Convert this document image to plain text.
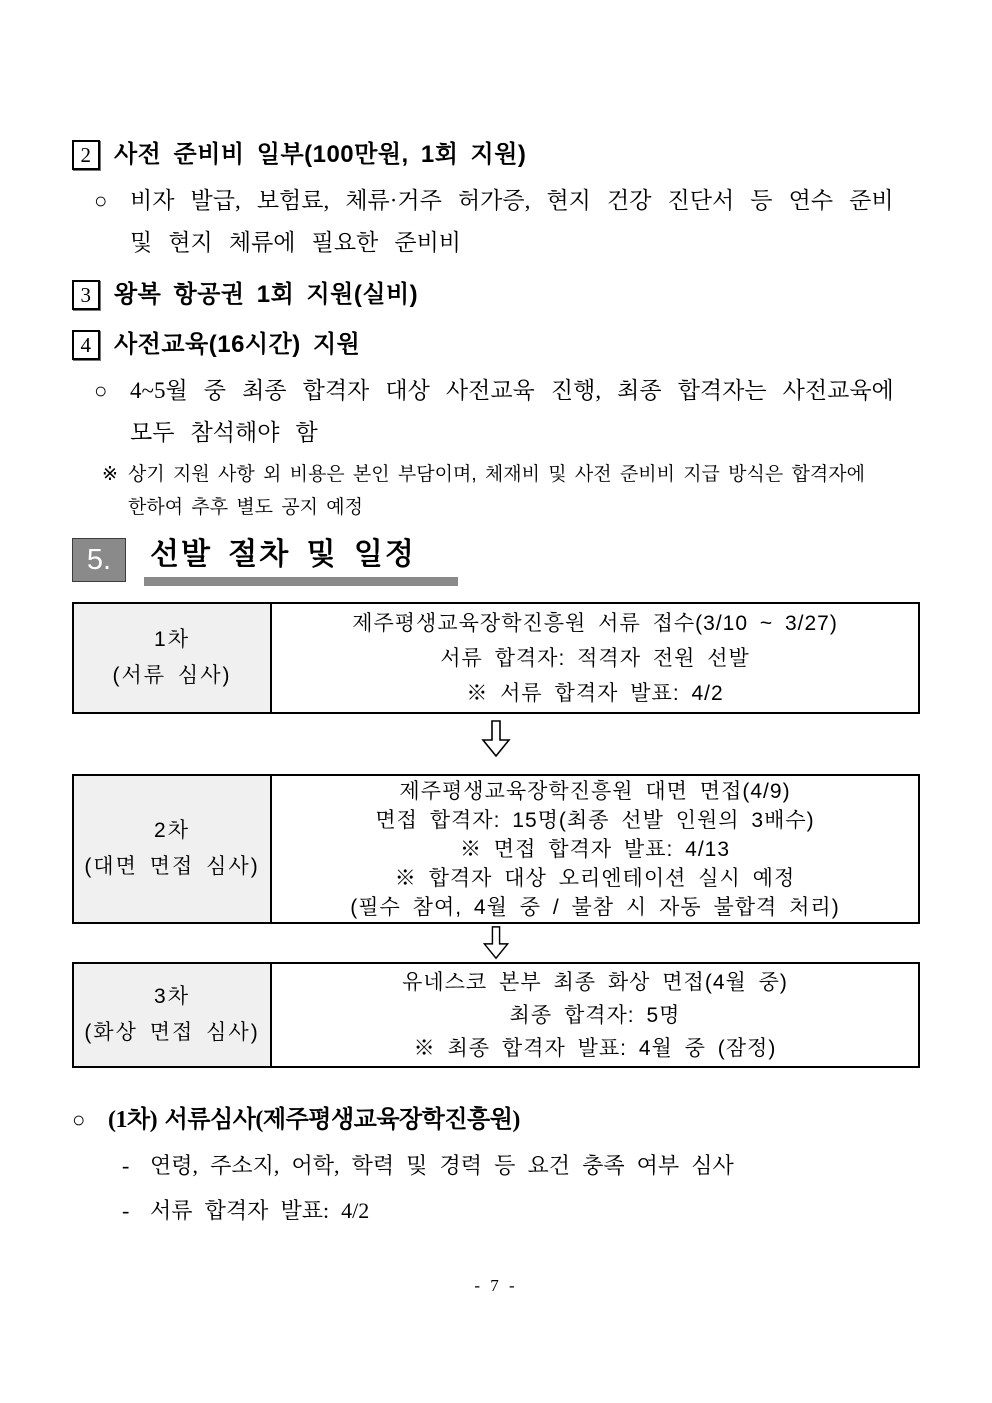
2 사전 준비비 일부(100만원, 1회 지원)
○ 비자 발급, 보험료, 체류·거주 허가증, 현지 건강 진단서 등 연수 준비
및 현지 체류에 필요한 준비비
3 왕복 항공권 1회 지원(실비)
4 사전교육(16시간) 지원
○ 4~5월 중 최종 합격자 대상 사전교육 진행, 최종 합격자는 사전교육에
모두 참석해야 함
※ 상기 지원 사항 외 비용은 본인 부담이며, 체재비 및 사전 준비비 지급 방식은 합격자에
한하여 추후 별도 공지 예정
5.	선발 절차 및 일정
1차
(서류 심사)
제주평생교육장학진흥원 서류 접수(3/10 ~ 3/27)
서류 합격자: 적격자 전원 선발
※ 서류 합격자 발표: 4/2
2차
(대면 면접 심사)
제주평생교육장학진흥원 대면 면접(4/9)
면접 합격자: 15명(최종 선발 인원의 3배수)
※ 면접 합격자 발표: 4/13
※ 합격자 대상 오리엔테이션 실시 예정
(필수 참여, 4월 중 / 불참 시 자동 불합격 처리)
3차
(화상 면접 심사)
유네스코 본부 최종 화상 면접(4월 중)
최종 합격자: 5명
※ 최종 합격자 발표: 4월 중 (잠정)
○ (1차) 서류심사(제주평생교육장학진흥원)
- 연령, 주소지, 어학, 학력 및 경력 등 요건 충족 여부 심사
- 서류 합격자 발표: 4/2
- 7 -
